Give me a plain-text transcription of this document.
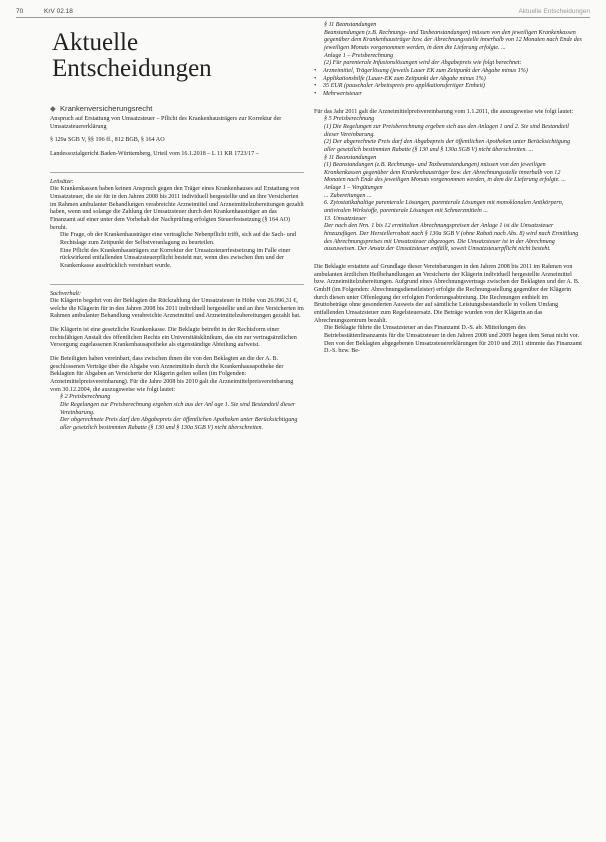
70	KrV 02.18	Aktuelle Entscheidungen
Aktuelle
Entscheidungen
◆ Krankenversicherungsrecht

Anspruch auf Erstattung von Umsatzsteuer – Pflicht des Krankenhausträgers zur Korrektur der Umsatzsteuererklärung

§ 129a SGB V, §§ 196 ff., 812 BGB, § 164 AO

Landessozialgericht Baden-Württemberg, Urteil vom 16.1.2018 – L 11 KR 1723/17 –

Leitsätze:

Die Krankenkassen haben keinen Anspruch gegen den Träger eines Krankenhauses auf Erstattung von Umsatzsteuer, die sie für in den Jahren 2008 bis 2011 individuell hergestellte und an ihre Versicherten im Rahmen ambulanter Behandlungen verabreichte Arzneimittel und Arzneimittelzubereitungen gezahlt haben, wenn und solange die Zahlung der Umsatzsteuer durch den Krankenhausträger an das Finanzamt auf einer unter dem Vorbehalt der Nachprüfung erfolgten Steuerfestsetzung (§ 164 AO) beruht.

Die Frage, ob der Krankenhausträger eine vertragliche Nebenpflicht trifft, sich auf die Sach- und Rechtslage zum Zeitpunkt der Selbstveranlagung zu beurteilen.

Eine Pflicht des Krankenhausträgers zur Korrektur der Umsatzsteuerfestsetzung im Falle einer rückwirkend entfallenden Umsatzsteuerpflicht besteht nur, wenn dies zwischen ihm und der Krankenkasse ausdrücklich vereinbart wurde.

Sachverhalt:

Die Klägerin begehrt von der Beklagten die Rückzahlung der Umsatzsteuer in Höhe von 26.996,31 €, welche die Klägerin für in den Jahren 2008 bis 2011 individuell hergestellte und an ihre Versicherten im Rahmen ambulanter Behandlung verabreichte Arzneimittel und Arzneimittelzubereitungen gezahlt hat.

Die Klägerin ist eine gesetzliche Krankenkasse. Die Beklagte betreibt in der Rechtsform einer rechtsfähigen Anstalt des öffentlichen Rechts ein Universitätsklinikum, das ein zur vertragsärztlichen Versorgung zugelassenen Krankenhausapotheke als eigenständige Abteilung aufweist.

Die Beteiligten haben vereinbart, dass zwischen ihnen die von den Beklagten an die der A. B. geschlossenen Verträge über die Abgabe von Arzneimitteln durch die Krankenhausapotheke der Beklagten für Abgaben an Versicherte der Klägerin gelten sollen (im Folgenden: Arzneimittelpreisvereinbarung). Für die Jahre 2008 bis 2010 galt die Arzneimittelpreisvereinbarung vom 30.12.2004, die auszugsweise wie folgt lautet:

§ 2 Preisberechnung

Die Regelungen zur Preisberechnung ergeben sich aus der Anl age 1. Sie sind Bestandteil dieser Vereinbarung.

Der abgerechnete Preis darf den Abgabepreis der öffentlichen Apotheken unter Berücksichtigung aller gesetzlich bestimmten Rabatte (§ 130 und § 130a SGB V) nicht überschreiten.

§ 11 Beanstandungen

Beanstandungen (z.B. Rechnungs- und Taxbeanstandungen) müssen von den jeweiligen Krankenkassen gegenüber dem Krankenhausträger bzw. der Abrechnungsstelle innerhalb von 12 Monaten nach Ende des jeweiligen Monats vorgenommen werden, in dem die Lieferung erfolgte. ...

Anlage 1 – Preisberechnung

(2) Für parenterale Infusionslösungen wird der Abgabepreis wie folgt berechnet:

• Arzneimittel, Trägerlösung (jeweils Lauer EK zum Zeitpunkt der Abgabe minus 1%)

• Applikationshilfe (Lauer-EK zum Zeitpunkt der Abgabe minus 1%)

• 35 EUR (pauschaler Arbeitspreis pro applikationsfertiger Einheit)

• Mehrwertsteuer

Für das Jahr 2011 galt die Arzneimittelpreisvereinbarung vom 1.1.2011, die auszugsweise wie folgt lautet:

§ 5 Preisberechnung

(1) Die Regelungen zur Preisberechnung ergeben sich aus den Anlagen 1 und 2. Sie sind Bestandteil dieser Vereinbarung.

(2) Der abgerechnete Preis darf den Abgabepreis der öffentlichen Apotheken unter Berücksichtigung aller gesetzlich bestimmten Rabatte (§ 130 und § 130a SGB V) nicht überschreiten. ...

§ 11 Beanstandungen

(1) Beanstandungen (z.B. Rechnungs- und Taxbeanstandungen) müssen von den jeweiligen Krankenkassen gegenüber dem Krankenhausträger bzw. der Abrechnungsstelle innerhalb von 12 Monaten nach Ende des jeweiligen Monats vorgenommen werden, in dem die Lieferung erfolgte. ...

Anlage 1 – Vergütungen

... Zubereitungen ...

6. Zytostatikahaltige parenterale Lösungen, parenterale Lösungen mit monoklonalen Antikörpern, antiviralen Wirkstoffe, parenterale Lösungen mit Schmerzmitteln ...

13. Umsatzsteuer

Der nach den Nrn. 1 bis 12 ermittelten Abrechnungspreisen der Anlage 1 ist die Umsatzsteuer hinzuzufügen. Der Herstellerrabatt nach § 130a SGB V (ohne Rabatt nach Abs. 8) wird nach Ermittlung des Abrechnungspreises mit Umsatzsteuer abgezogen. Die Umsatzsteuer ist in der Abrechnung auszuweisen. Der Ansatz der Umsatzsteuer entfällt, soweit Umsatzsteuerpflicht nicht besteht.

Die Beklagte erstattete auf Grundlage dieser Vereinbarungen in den Jahren 2008 bis 2011 im Rahmen von ambulanten ärztlichen Heilbehandlungen an Versicherte der Klägerin individuell hergestellte Arzneimittel bzw. Arzneimittelzubereitungen. Aufgrund eines Abrechnungsvertrags zwischen der Beklagten und der A. B. GmbH (im Folgenden: Abrechnungsdienstleister) erfolgte die Rechnungsstellung gegenüber der Klägerin durch diesen unter Offenlegung der erfolgten Forderungsabtretung. Die Rechnungen enthielt im Bruttobeträge ohne gesonderten Ausweis der auf sämtliche Leistungsbestandteile in vollem Umfang entfallenden Umsatzsteuer zum Regelsteuersatz. Die Beträge wurden von der Klägerin an das Abrechnungszentrum bezahlt.

Die Beklagte führte die Umsatzsteuer an das Finanzamt D.-S. ab. Mitteilungen des Betriebsstättenfinanzamts für die Umsatzsteuer in den Jahren 2008 und 2009 hegen dem Senat nicht vor. Den von der Beklagten abgegebenen Umsatzsteuererklärungen für 2010 und 2011 stimmte das Finanzamt D.-S. bzw. Be-
